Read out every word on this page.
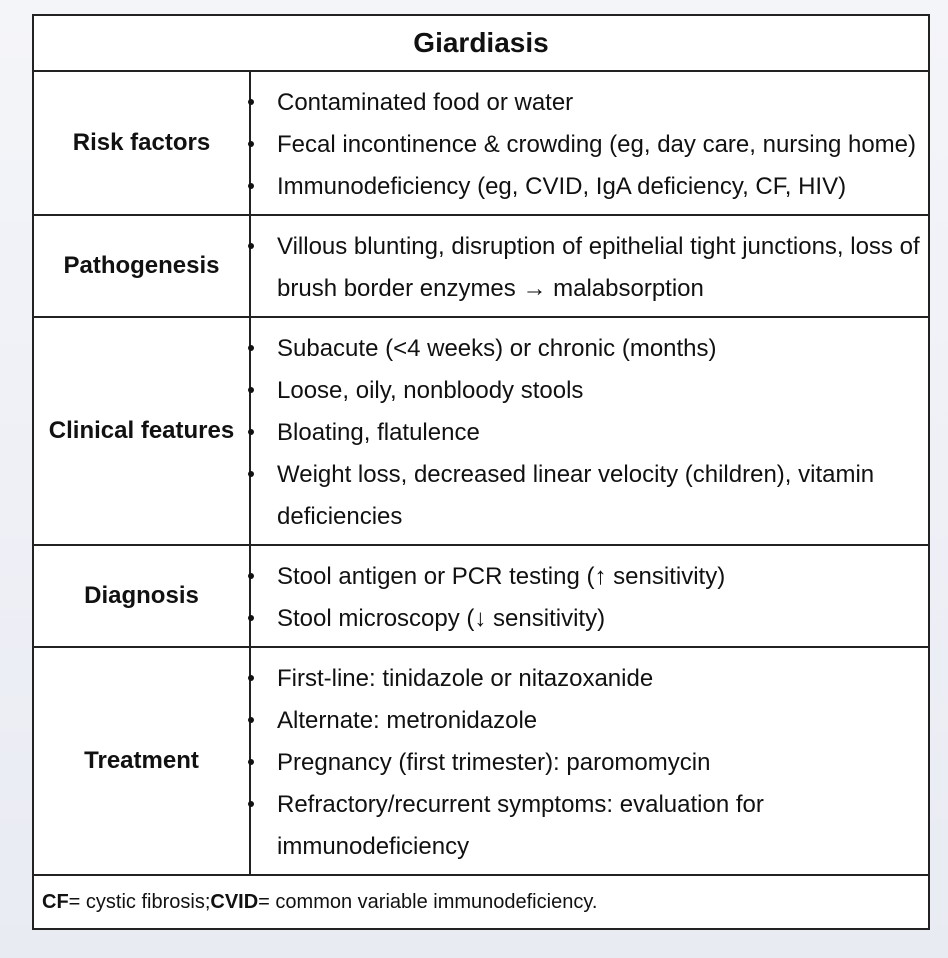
Giardiasis
Risk factors
Contaminated food or water
Fecal incontinence & crowding (eg, day care, nursing home)
Immunodeficiency (eg, CVID, IgA deficiency, CF, HIV)
Pathogenesis
Villous blunting, disruption of epithelial tight junctions, loss of brush border enzymes → malabsorption
Clinical features
Subacute (<4 weeks) or chronic (months)
Loose, oily, nonbloody stools
Bloating, flatulence
Weight loss, decreased linear velocity (children), vitamin deficiencies
Diagnosis
Stool antigen or PCR testing (↑ sensitivity)
Stool microscopy (↓ sensitivity)
Treatment
First-line: tinidazole or nitazoxanide
Alternate: metronidazole
Pregnancy (first trimester): paromomycin
Refractory/recurrent symptoms: evaluation for immunodeficiency
CF = cystic fibrosis; CVID = common variable immunodeficiency.
